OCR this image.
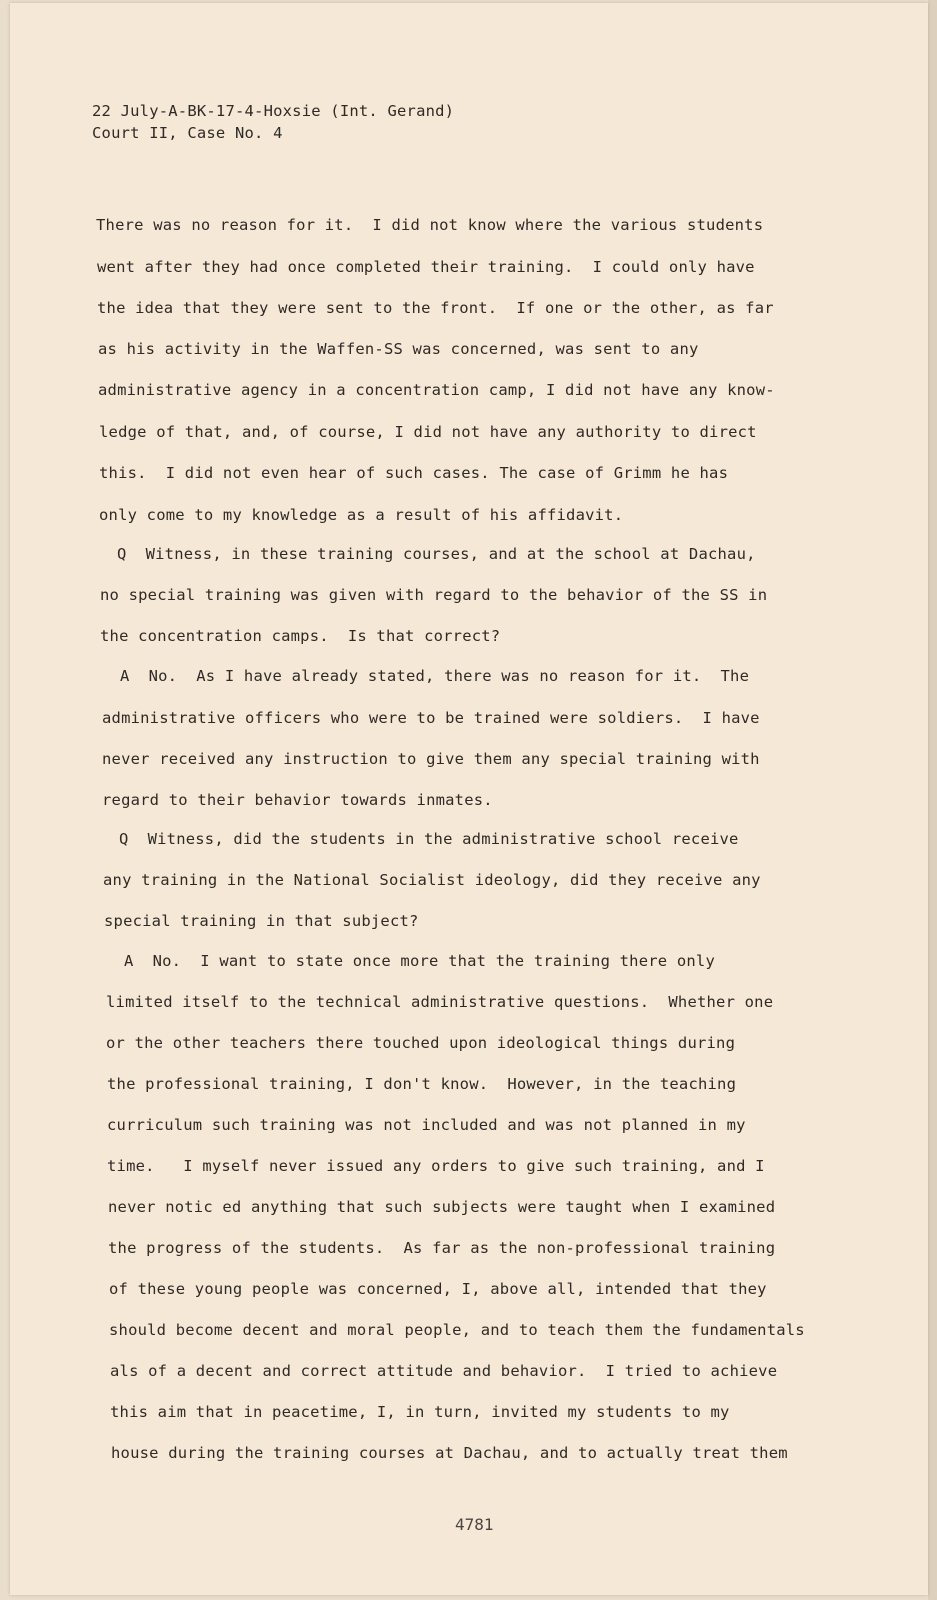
22 July-A-BK-17-4-Hoxsie (Int. Gerand)
Court II, Case No. 4
There was no reason for it.  I did not know where the various students
went after they had once completed their training.  I could only have
the idea that they were sent to the front.  If one or the other, as far
as his activity in the Waffen-SS was concerned, was sent to any
administrative agency in a concentration camp, I did not have any know-
ledge of that, and, of course, I did not have any authority to direct
this.  I did not even hear of such cases. The case of Grimm he has
only come to my knowledge as a result of his affidavit.
Q  Witness, in these training courses, and at the school at Dachau,
no special training was given with regard to the behavior of the SS in
the concentration camps.  Is that correct?
A  No.  As I have already stated, there was no reason for it.  The
administrative officers who were to be trained were soldiers.  I have
never received any instruction to give them any special training with
regard to their behavior towards inmates.
Q  Witness, did the students in the administrative school receive
any training in the National Socialist ideology, did they receive any
special training in that subject?
A  No.  I want to state once more that the training there only
limited itself to the technical administrative questions.  Whether one
or the other teachers there touched upon ideological things during
the professional training, I don't know.  However, in the teaching
curriculum such training was not included and was not planned in my
time.   I myself never issued any orders to give such training, and I
never notic ed anything that such subjects were taught when I examined
the progress of the students.  As far as the non-professional training
of these young people was concerned, I, above all, intended that they
should become decent and moral people, and to teach them the fundamentals
als of a decent and correct attitude and behavior.  I tried to achieve
this aim that in peacetime, I, in turn, invited my students to my
house during the training courses at Dachau, and to actually treat them
4781
